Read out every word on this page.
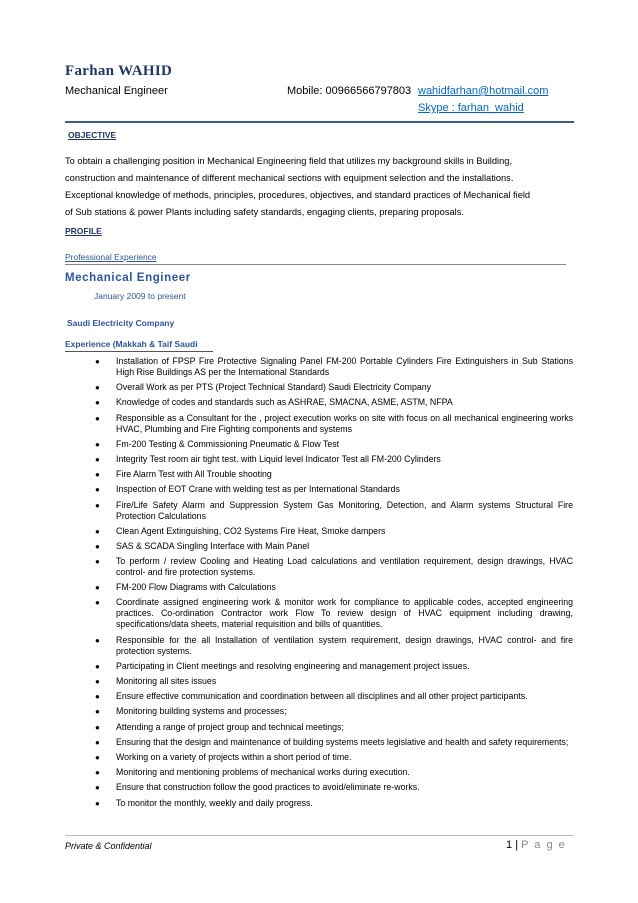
Farhan WAHID
Mechanical Engineer	Mobile: 00966566797803 wahidfarhan@hotmail.com
Skype : farhan_wahid
OBJECTIVE
To obtain a challenging position in Mechanical Engineering field that utilizes my background skills in Building,
construction and maintenance of different mechanical sections with equipment selection and the installations.
Exceptional knowledge of methods, principles, procedures, objectives, and standard practices of Mechanical field
of Sub stations & power Plants including safety standards, engaging clients, preparing proposals.
PROFILE
Professional Experience
Mechanical Engineer
January 2009 to present
Saudi Electricity Company
Experience (Makkah & Taif Saudi
● Installation of FPSP Fire Protective Signaling Panel FM-200 Portable Cylinders Fire Extinguishers in Sub Stations High Rise Buildings AS per the International Standards
● Overall Work as per PTS (Project Technical Standard) Saudi Electricity Company
● Knowledge of codes and standards such as ASHRAE, SMACNA, ASME, ASTM, NFPA
● Responsible as a Consultant for the , project execution works on site with focus on all mechanical engineering works HVAC, Plumbing and Fire Fighting components and systems
● Fm-200 Testing & Commissioning Pneumatic & Flow Test
● Integrity Test room air tight test. with Liquid level Indicator Test all FM-200 Cylinders
● Fire Alarm Test with All Trouble shooting
● Inspection of EOT Crane with welding test as per International Standards
● Fire/Life Safety Alarm and Suppression System Gas Monitoring, Detection, and Alarm systems Structural Fire Protection Calculations
● Clean Agent Extinguishing, CO2 Systems Fire Heat, Smoke dampers
● SAS & SCADA Singling Interface with Main Panel
● To perform / review Cooling and Heating Load calculations and ventilation requirement, design drawings, HVAC control- and fire protection systems.
● FM-200 Flow Diagrams with Calculations
● Coordinate assigned engineering work & monitor work for compliance to applicable codes, accepted engineering practices. Co-ordination Contractor work Flow To review design of HVAC equipment including drawing, specifications/data sheets, material requisition and bills of quantities.
● Responsible for the all Installation of ventilation system requirement, design drawings, HVAC control- and fire protection systems.
● Participating in Client meetings and resolving engineering and management project issues.
● Monitoring all sites issues
● Ensure effective communication and coordination between all disciplines and all other project participants.
● Monitoring building systems and processes;
● Attending a range of project group and technical meetings;
● Ensuring that the design and maintenance of building systems meets legislative and health and safety requirements;
● Working on a variety of projects within a short period of time.
● Monitoring and mentioning problems of mechanical works during execution.
● Ensure that construction follow the good practices to avoid/eliminate re-works.
● To monitor the monthly, weekly and daily progress.
Private & Confidential	1 | P a g e
